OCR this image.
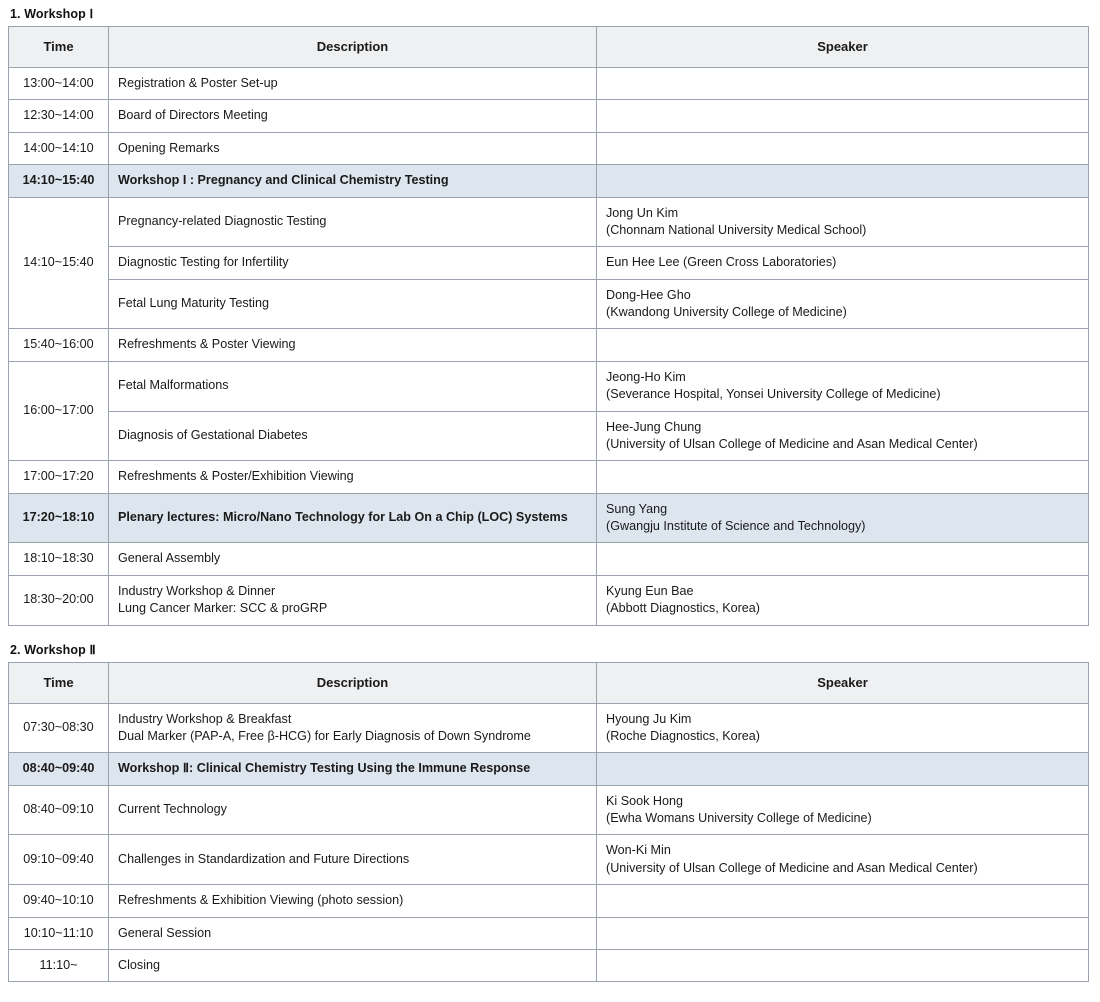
1. Workshop Ⅰ
Time	Description	Speaker
13:00~14:00	Registration & Poster Set-up	

12:30~14:00	Board of Directors Meeting	

14:00~14:10	Opening Remarks	

14:10~15:40	Workshop I : Pregnancy and Clinical Chemistry Testing	

14:10~15:40	Pregnancy-related Diagnostic Testing	Jong Un Kim
(Chonnam National University Medical School)

	Diagnostic Testing for Infertility	Eun Hee Lee (Green Cross Laboratories)

	Fetal Lung Maturity Testing	Dong-Hee Gho
(Kwandong University College of Medicine)

15:40~16:00	Refreshments & Poster Viewing	

16:00~17:00	Fetal Malformations	Jeong-Ho Kim
(Severance Hospital, Yonsei University College of Medicine)

	Diagnosis of Gestational Diabetes	Hee-Jung Chung
(University of Ulsan College of Medicine and Asan Medical Center)

17:00~17:20	Refreshments & Poster/Exhibition Viewing	

17:20~18:10	Plenary lectures: Micro/Nano Technology for Lab On a Chip (LOC) Systems	Sung Yang
(Gwangju Institute of Science and Technology)

18:10~18:30	General Assembly	

18:30~20:00	Industry Workshop & Dinner
Lung Cancer Marker: SCC & proGRP	Kyung Eun Bae
(Abbott Diagnostics, Korea)
2. Workshop Ⅱ
Time	Description	Speaker
07:30~08:30	Industry Workshop & Breakfast
Dual Marker (PAP-A, Free β-HCG) for Early Diagnosis of Down Syndrome	Hyoung Ju Kim
(Roche Diagnostics, Korea)

08:40~09:40	Workshop Ⅱ: Clinical Chemistry Testing Using the Immune Response	

08:40~09:10	Current Technology	Ki Sook Hong
(Ewha Womans University College of Medicine)

09:10~09:40	Challenges in Standardization and Future Directions	Won-Ki Min
(University of Ulsan College of Medicine and Asan Medical Center)

09:40~10:10	Refreshments & Exhibition Viewing (photo session)	

10:10~11:10	General Session	

11:10~	Closing	
